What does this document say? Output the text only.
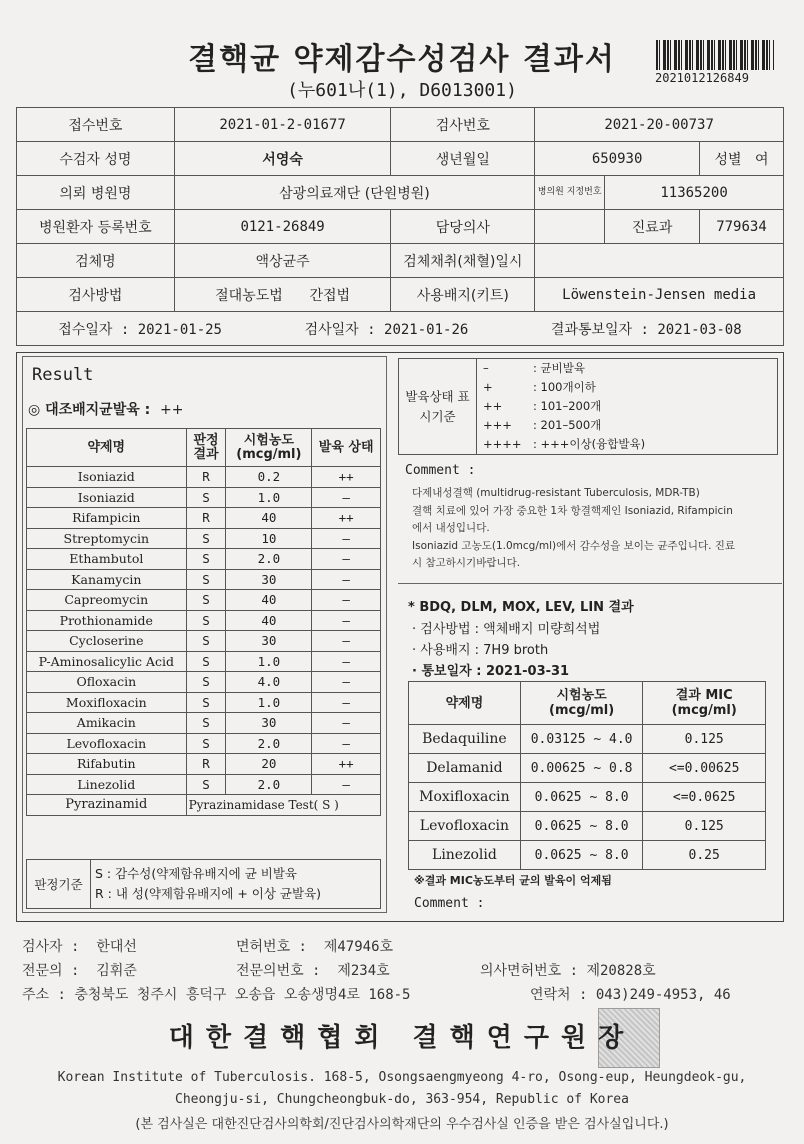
결핵균 약제감수성검사 결과서
(누601나(1), D6013001)
2021012126849
접수번호	2021-01-2-01677	검사번호	2021-20-00737		
수검자 성명	서영숙	생년월일	650930		성별 여
의뢰 병원명	삼광의료재단 (단원병원)		병의원 지정번호	11365200	
병원환자 등록번호	0121-26849	담당의사		진료과	779634
검체명	액상균주	검체채취(채혈)일시			
검사방법	절대농도법 간접법	사용배지(키트)	Löwenstein-Jensen media		

접수일자 : 2021-01-25 검사일자 : 2021-01-26 결과통보일자 : 2021-03-08					
Result
◎ 대조배지균발육 : ++
약제명	판정 결과	시험농도 (mcg/ml)	발육 상태
Isoniazid	R	0.2	++
Isoniazid	S	1.0	–
Rifampicin	R	40	++
Streptomycin	S	10	–
Ethambutol	S	2.0	–
Kanamycin	S	30	–
Capreomycin	S	40	–
Prothionamide	S	40	–
Cycloserine	S	30	–
P-Aminosalicylic Acid	S	1.0	–
Ofloxacin	S	4.0	–
Moxifloxacin	S	1.0	–
Amikacin	S	30	–
Levofloxacin	S	2.0	–
Rifabutin	R	20	++
Linezolid	S	2.0	–
Pyrazinamid	Pyrazinamidase Test( S )		
판정기준	
S : 감수성(약제함유배지에 균 비발육
R : 내 성(약제함유배지에 + 이상 균발육)
발육상태 표시기준	
–	: 균비발육
+	: 100개이하
++	: 101–200개
+++ : 201–500개
++++ : +++이상(융합발육)
Comment :
다제내성결핵 (multidrug-resistant Tuberculosis, MDR-TB)
결핵 치료에 있어 가장 중요한 1차 항결핵제인 Isoniazid, Rifampicin
에서 내성입니다.
Isoniazid 고농도(1.0mcg/ml)에서 감수성을 보이는 균주입니다. 진료
시 참고하시기바랍니다.
* BDQ, DLM, MOX, LEV, LIN 결과
· 검사방법 : 액체배지 미량희석법
· 사용배지 : 7H9 broth
· 통보일자 : 2021-03-31
약제명	시험농도 (mcg/ml)	결과 MIC (mcg/ml)
Bedaquiline	0.03125 ~ 4.0	0.125
Delamanid	0.00625 ~ 0.8	<=0.00625
Moxifloxacin	0.0625 ~ 8.0	<=0.0625
Levofloxacin	0.0625 ~ 8.0	0.125
Linezolid	0.0625 ~ 8.0	0.25
※결과 MIC농도부터 균의 발육이 억제됨
Comment :
검사자 : 한대선	면허번호 : 제47946호
전문의 : 김휘준	전문의번호 : 제234호	의사면허번호 : 제20828호
주소 : 충청북도 청주시 흥덕구 오송읍 오송생명4로 168-5	연락처 : 043)249-4953, 46
대한결핵협회 결핵연구원장
Korean Institute of Tuberculosis. 168-5, Osongsaengmyeong 4-ro, Osong-eup, Heungdeok-gu,
Cheongju-si, Chungcheongbuk-do, 363-954, Republic of Korea
(본 검사실은 대한진단검사의학회/진단검사의학재단의 우수검사실 인증을 받은 검사실입니다.)
